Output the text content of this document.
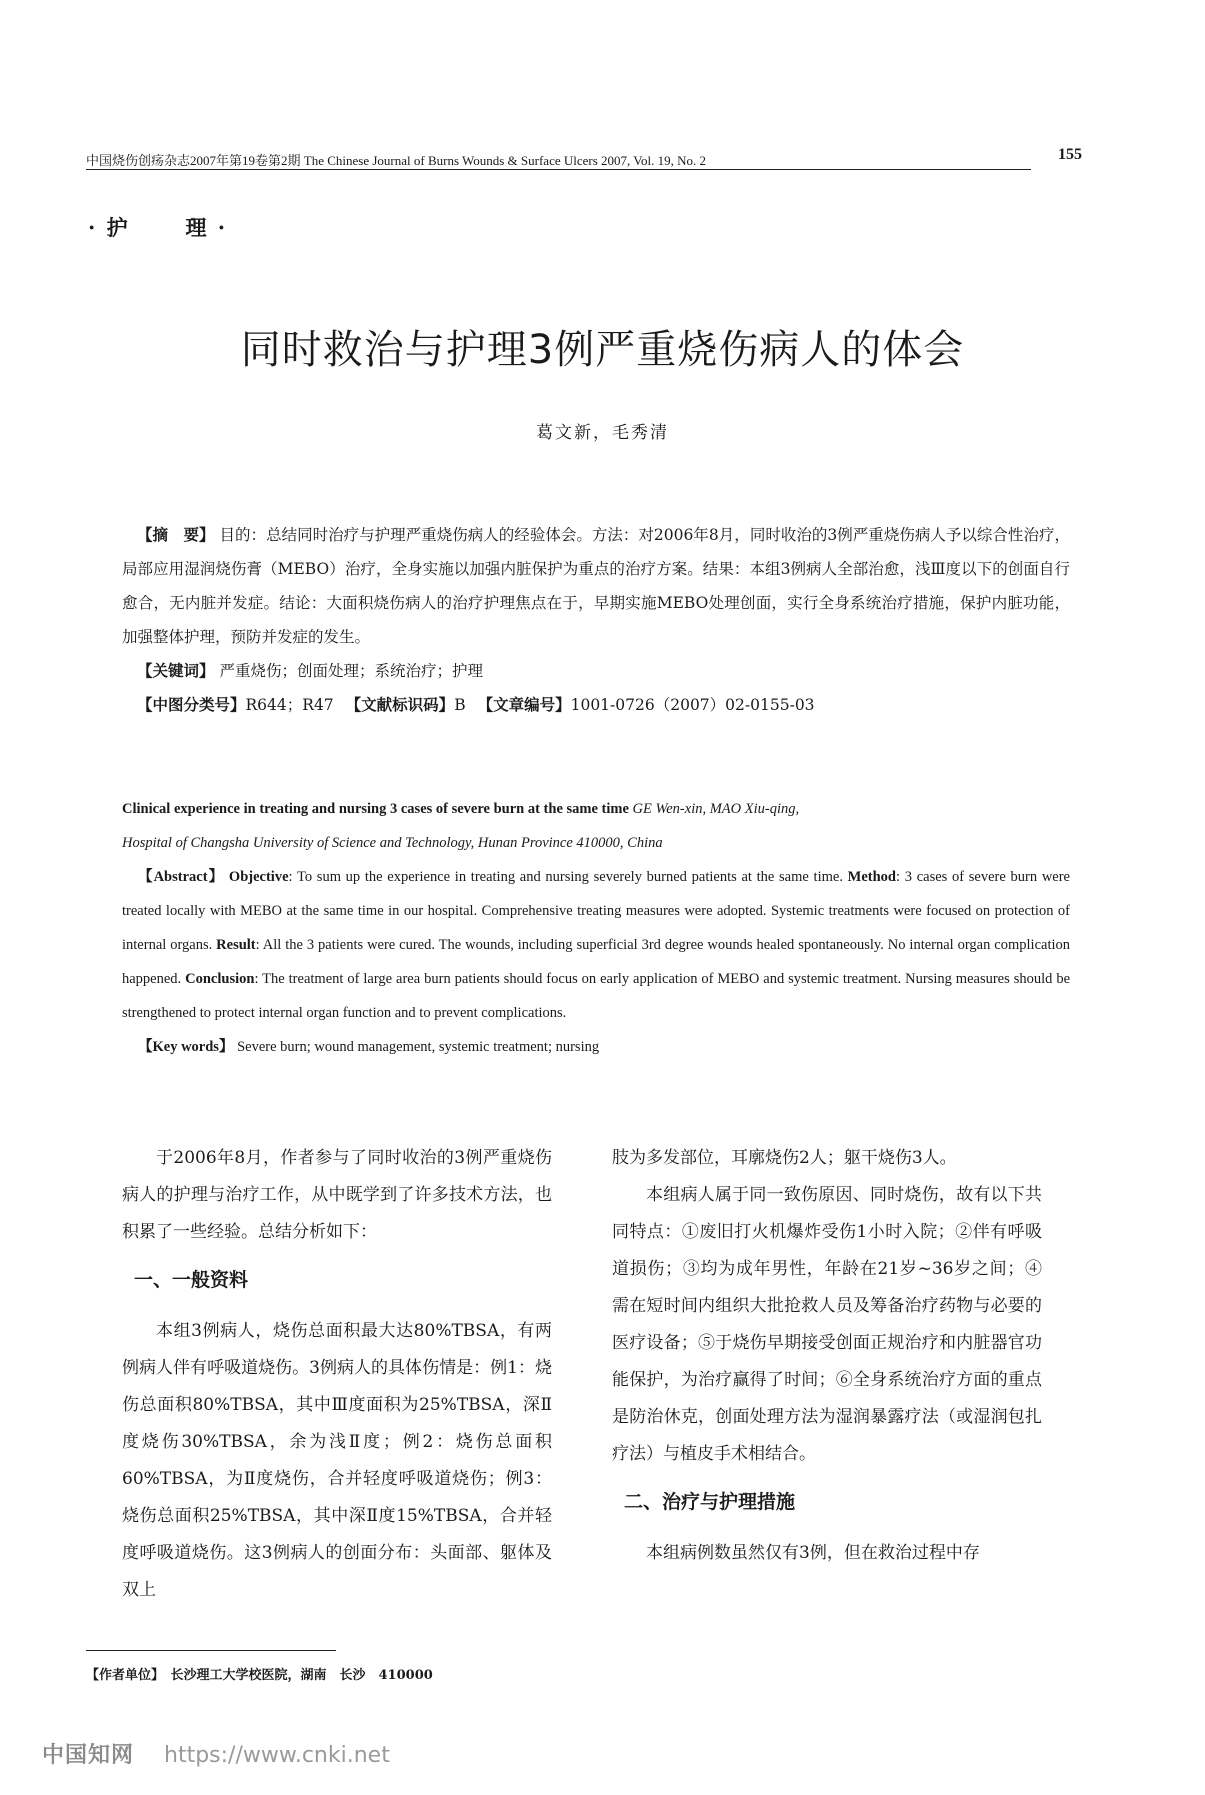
中国烧伤创疡杂志2007年第19卷第2期 The Chinese Journal of Burns Wounds & Surface Ulcers 2007, Vol. 19, No. 2	155
· 护      理 ·
同时救治与护理3例严重烧伤病人的体会
葛文新，毛秀清

【摘　要】 目的：总结同时治疗与护理严重烧伤病人的经验体会。方法：对2006年8月，同时收治的3例严重烧伤病人予以综合性治疗，局部应用湿润烧伤膏（MEBO）治疗，全身实施以加强内脏保护为重点的治疗方案。结果：本组3例病人全部治愈，浅Ⅲ度以下的创面自行愈合，无内脏并发症。结论：大面积烧伤病人的治疗护理焦点在于，早期实施MEBO处理创面，实行全身系统治疗措施，保护内脏功能，加强整体护理，预防并发症的发生。

【关键词】 严重烧伤；创面处理；系统治疗；护理

【中图分类号】R644；R47 【文献标识码】B 【文章编号】1001-0726（2007）02-0155-03

Clinical experience in treating and nursing 3 cases of severe burn at the same time GE Wen-xin, MAO Xiu-qing,

Hospital of Changsha University of Science and Technology, Hunan Province 410000, China

【Abstract】 Objective: To sum up the experience in treating and nursing severely burned patients at the same time. Method: 3 cases of severe burn were treated locally with MEBO at the same time in our hospital. Comprehensive treating measures were adopted. Systemic treatments were focused on protection of internal organs. Result: All the 3 patients were cured. The wounds, including superficial 3rd degree wounds healed spontaneously. No internal organ complication happened. Conclusion: The treatment of large area burn patients should focus on early application of MEBO and systemic treatment. Nursing measures should be strengthened to protect internal organ function and to prevent complications.

【Key words】 Severe burn; wound management, systemic treatment; nursing

于2006年8月，作者参与了同时收治的3例严重烧伤病人的护理与治疗工作，从中既学到了许多技术方法，也积累了一些经验。总结分析如下：

一、一般资料

本组3例病人，烧伤总面积最大达80%TBSA，有两例病人伴有呼吸道烧伤。3例病人的具体伤情是：例1：烧伤总面积80%TBSA，其中Ⅲ度面积为25%TBSA，深Ⅱ度烧伤30%TBSA，余为浅Ⅱ度；例2：烧伤总面积60%TBSA，为Ⅱ度烧伤，合并轻度呼吸道烧伤；例3：烧伤总面积25%TBSA，其中深Ⅱ度15%TBSA，合并轻度呼吸道烧伤。这3例病人的创面分布：头面部、躯体及双上

肢为多发部位，耳廓烧伤2人；躯干烧伤3人。

本组病人属于同一致伤原因、同时烧伤，故有以下共同特点：①废旧打火机爆炸受伤1小时入院；②伴有呼吸道损伤；③均为成年男性，年龄在21岁~36岁之间；④需在短时间内组织大批抢救人员及筹备治疗药物与必要的医疗设备；⑤于烧伤早期接受创面正规治疗和内脏器官功能保护，为治疗赢得了时间；⑥全身系统治疗方面的重点是防治休克，创面处理方法为湿润暴露疗法（或湿润包扎疗法）与植皮手术相结合。

二、治疗与护理措施

本组病例数虽然仅有3例，但在救治过程中存

【作者单位】　长沙理工大学校医院，湖南　长沙　410000
中国知网 https://www.cnki.net
